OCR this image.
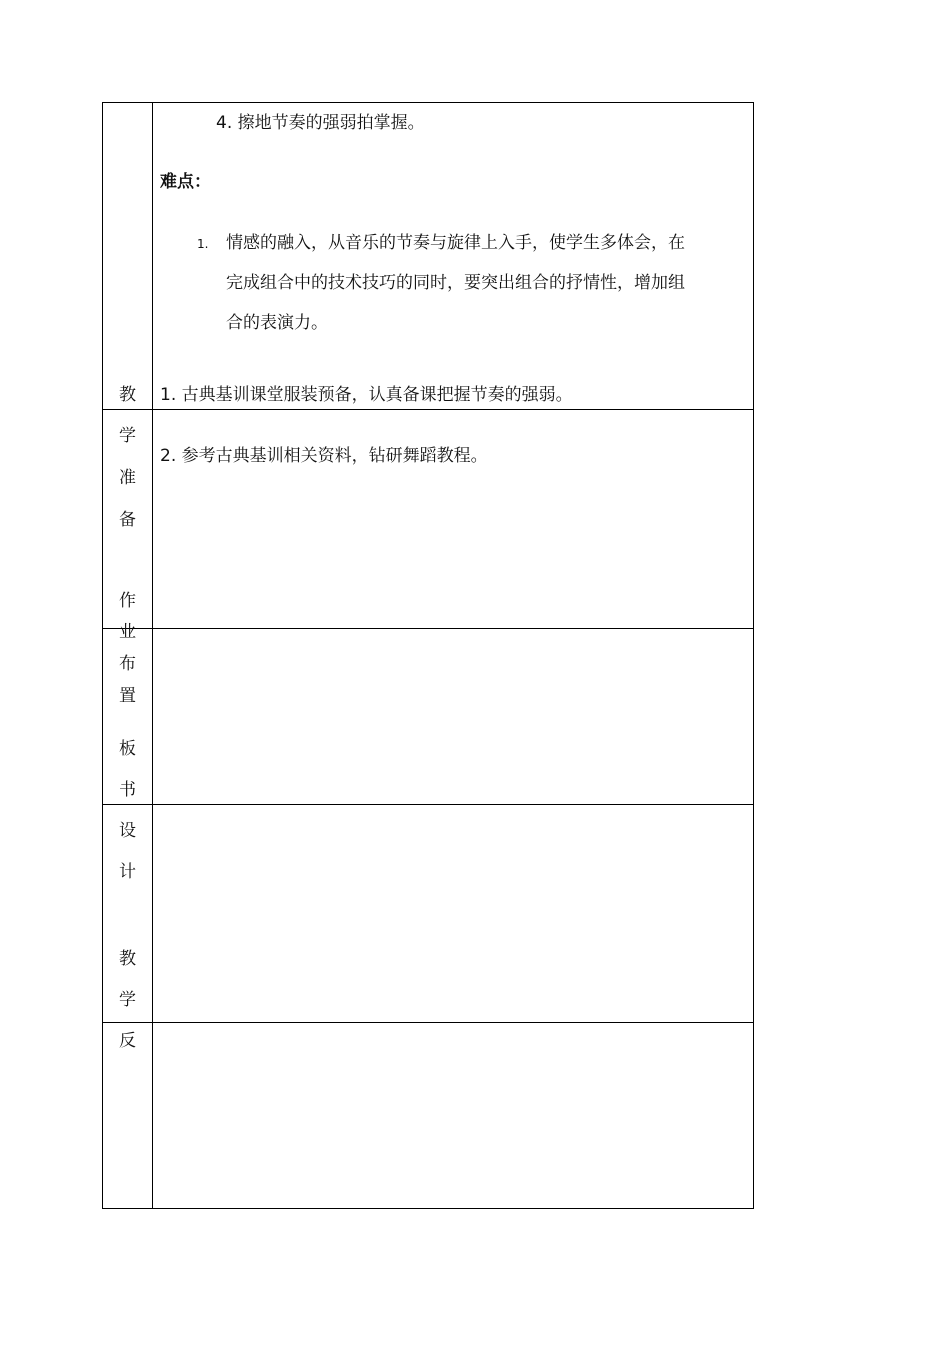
4. 擦地节奏的强弱拍掌握。
难点：
1. 情感的融入，从音乐的节奏与旋律上入手，使学生多体会，在
完成组合中的技术技巧的同时，要突出组合的抒情性，增加组
合的表演力。
1. 古典基训课堂服装预备，认真备课把握节奏的强弱。
2. 参考古典基训相关资料，钻研舞蹈教程。
教
学
准
备
作
业
布
置
板
书
设
计
教
学
反
